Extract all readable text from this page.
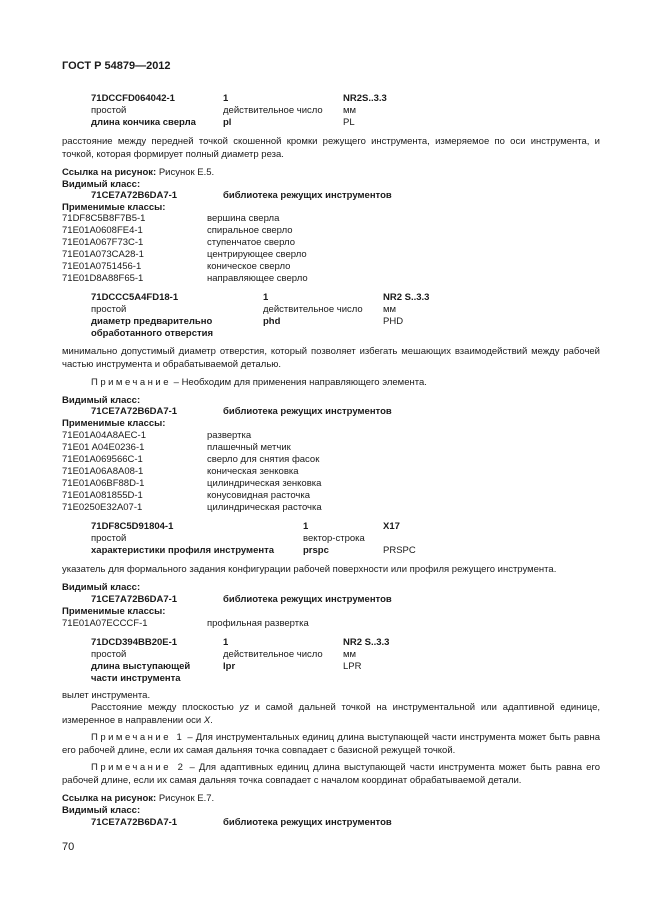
ГОСТ Р 54879—2012
71DCCFD064042-1	1	NR2S..3.3
простой	действительное число мм
длина кончика сверла	pl	PL
расстояние между передней точкой скошенной кромки режущего инструмента, измеряемое по оси инструмента, и точкой, которая формирует полный диаметр реза.
Ссылка на рисунок: Рисунок E.5.
Видимый класс:
71CE7A72B6DA7-1	библиотека режущих инструментов
Применимые классы:
71DF8C5B8F7B5-1	вершина сверла
71E01A0608FE4-1	спиральное сверло
71E01A067F73C-1	ступенчатое сверло
71E01A073CA28-1	центрирующее сверло
71E01A0751456-1	коническое сверло
71E01D8A88F65-1	направляющее сверло
71DCCC5A4FD18-1	1	NR2 S..3.3
простой	действительное число мм
диаметр предварительно	phd	PHD
обработанного отверстия
минимально допустимый диаметр отверстия, который позволяет избегать мешающих взаимодействий между рабочей частью инструмента и обрабатываемой деталью.
Примечание – Необходим для применения направляющего элемента.
Видимый класс:
71CE7A72B6DA7-1	библиотека режущих инструментов
Применимые классы:
71E01A04A8AEC-1	развертка
71E01 A04E0236-1	плашечный метчик
71E01A069566C-1	сверло для снятия фасок
71E01A06A8A08-1	коническая зенковка
71E01A06BF88D-1	цилиндрическая зенковка
71E01A081855D-1	конусовидная расточка
71E0250E32A07-1	цилиндрическая расточка
71DF8C5D91804-1	1	X17
простой	вектор-строка
характеристики профиля инструмента	prspc	PRSPC
указатель для формального задания конфигурации рабочей поверхности или профиля режущего инструмента.
Видимый класс:
71CE7A72B6DA7-1	библиотека режущих инструментов
Применимые классы:
71E01A07ECCCF-1	профильная развертка
71DCD394BB20E-1	1	NR2 S..3.3
простой	действительное число мм
длина выступающей	lpr	LPR
части инструмента
вылет инструмента.
Расстояние между плоскостью yz и самой дальней точкой на инструментальной или адаптивной единице, измеренное в направлении оси X.
Примечание 1 – Для инструментальных единиц длина выступающей части инструмента может быть равна его рабочей длине, если их самая дальняя точка совпадает с базисной режущей точкой.
Примечание 2 – Для адаптивных единиц длина выступающей части инструмента может быть равна его рабочей длине, если их самая дальняя точка совпадает с началом координат обрабатываемой детали.
Ссылка на рисунок: Рисунок E.7.
Видимый класс:
71CE7A72B6DA7-1	библиотека режущих инструментов
70
